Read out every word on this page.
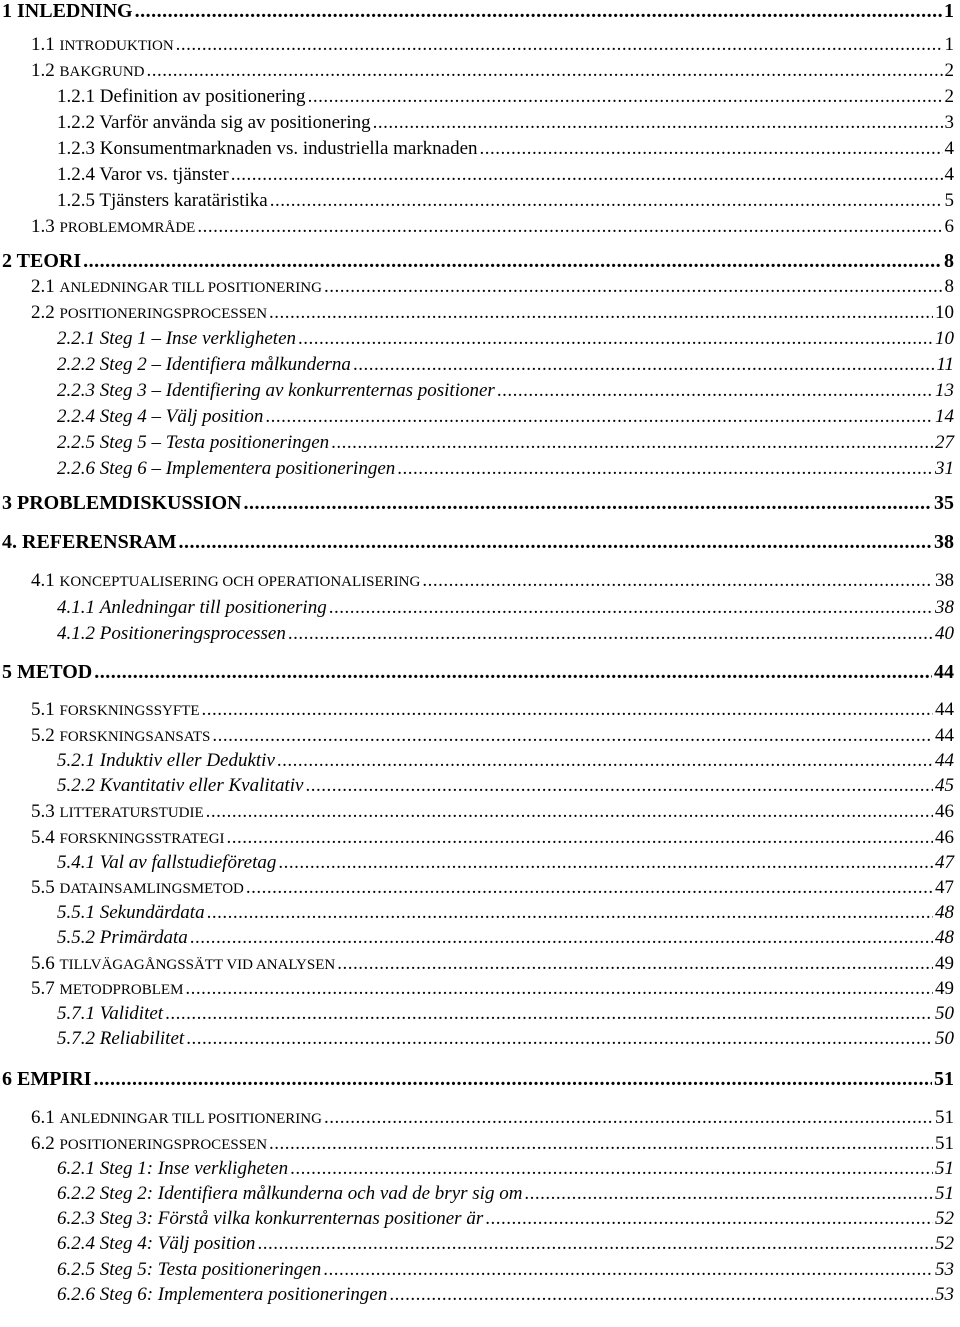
1 INLEDNING .....	1
1.1 INTRODUKTION .....	1
1.2 BAKGRUND .....	2
1.2.1 Definition av positionering .....	2
1.2.2 Varför använda sig av positionering .....	3
1.2.3 Konsumentmarknaden vs. industriella marknaden .....	4
1.2.4 Varor vs. tjänster .....	4
1.2.5 Tjänsters karatäristika .....	5
1.3 PROBLEMOMRÅDE .....	6
2 TEORI .....	8
2.1 ANLEDNINGAR TILL POSITIONERING .....	8
2.2 POSITIONERINGSPROCESSEN .....	10
2.2.1 Steg 1 – Inse verkligheten .....	10
2.2.2 Steg 2 – Identifiera målkunderna .....	11
2.2.3 Steg 3 – Identifiering av konkurrenternas positioner .....	13
2.2.4 Steg 4 – Välj position .....	14
2.2.5 Steg 5 – Testa positioneringen .....	27
2.2.6 Steg 6 – Implementera positioneringen .....	31
3 PROBLEMDISKUSSION .....	35
4. REFERENSRAM .....	38
4.1 KONCEPTUALISERING OCH OPERATIONALISERING .....	38
4.1.1 Anledningar till positionering .....	38
4.1.2 Positioneringsprocessen .....	40
5 METOD .....	44
5.1 FORSKNINGSSYFTE .....	44
5.2 FORSKNINGSANSATS .....	44
5.2.1 Induktiv eller Deduktiv .....	44
5.2.2 Kvantitativ eller Kvalitativ .....	45
5.3 LITTERATURSTUDIE .....	46
5.4 FORSKNINGSSTRATEGI .....	46
5.4.1 Val av fallstudieföretag .....	47
5.5 DATAINSAMLINGSMETOD .....	47
5.5.1 Sekundärdata .....	48
5.5.2 Primärdata .....	48
5.6 TILLVÄGAGÅNGSSÄTT VID ANALYSEN .....	49
5.7 METODPROBLEM .....	49
5.7.1 Validitet .....	50
5.7.2 Reliabilitet .....	50
6 EMPIRI .....	51
6.1 ANLEDNINGAR TILL POSITIONERING .....	51
6.2 POSITIONERINGSPROCESSEN .....	51
6.2.1 Steg 1: Inse verkligheten .....	51
6.2.2 Steg 2: Identifiera målkunderna och vad de bryr sig om .....	51
6.2.3 Steg 3: Förstå vilka konkurrenternas positioner är .....	52
6.2.4 Steg 4: Välj position .....	52
6.2.5 Steg 5: Testa positioneringen .....	53
6.2.6 Steg 6: Implementera positioneringen .....	53
